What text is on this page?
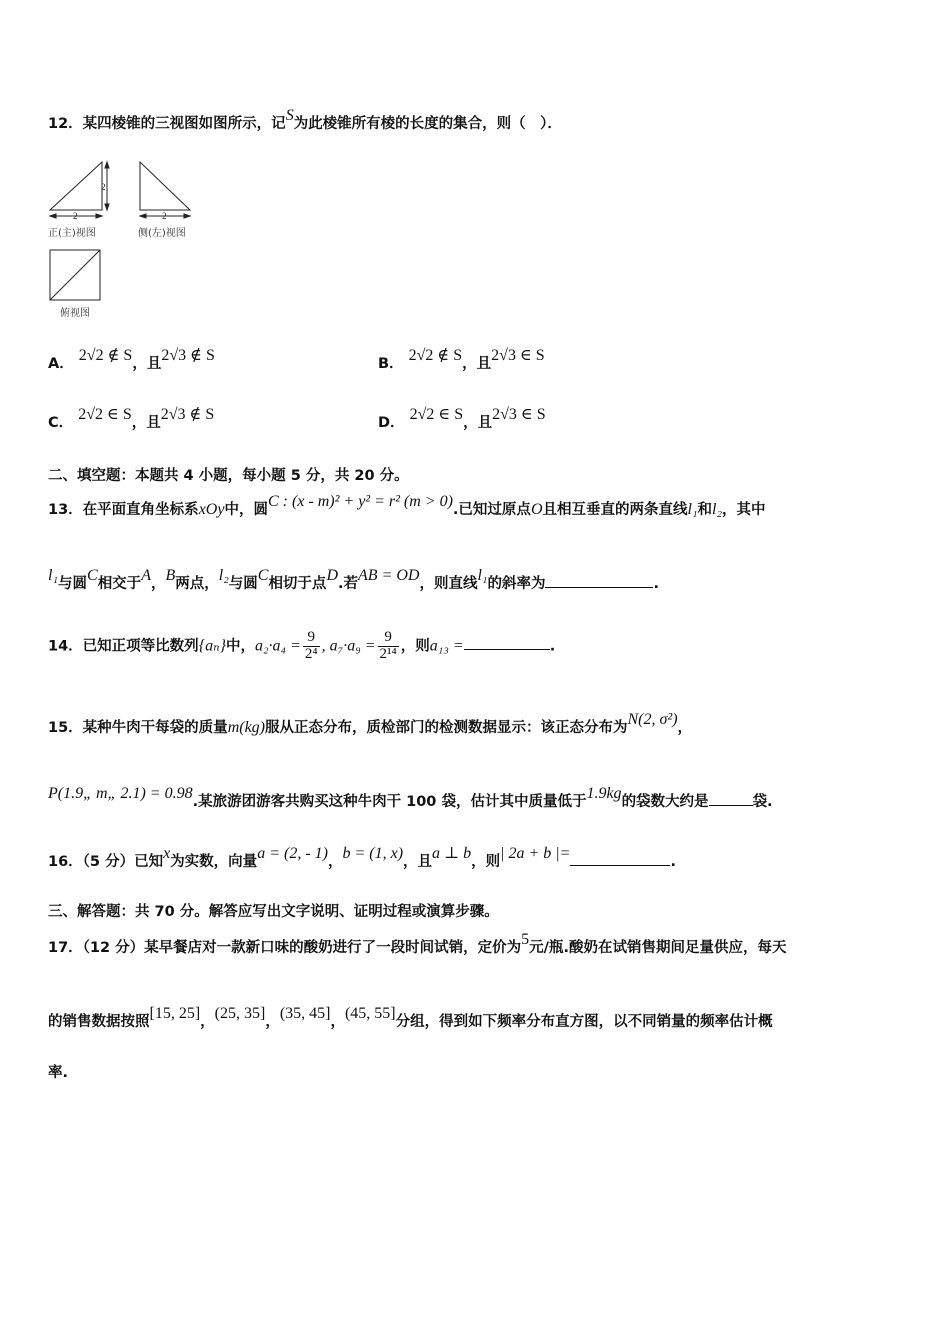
12．某四棱锥的三视图如图所示，记S为此棱锥所有棱的长度的集合，则（　）．
2
2	2
正(主)视图	侧(左)视图
俯视图
A． 2√2 ∉ S，且2√3 ∉ S	B． 2√2 ∉ S，且2√3 ∈ S
C． 2√2 ∈ S，且2√3 ∉ S	D． 2√2 ∈ S，且2√3 ∈ S
二、填空题：本题共 4 小题，每小题 5 分，共 20 分。
13．在平面直角坐标系xOy中，圆C : (x - m)² + y² = r² (m > 0).已知过原点O且相互垂直的两条直线l₁和l₂，其中
l₁与圆C相交于A，B两点，l₂与圆C相切于点D.若AB = OD，则直线l₁的斜率为	.
14．已知正项等比数列{aₙ}中，$a_2\cdot a_4 = \frac{9}{\text{2⁴}}$ , $a_7\cdot a_9 = \frac{9}{\text{2¹⁴}}$ ，则a₁₃ =	.
15．某种牛肉干每袋的质量m(kg)服从正态分布，质检部门的检测数据显示：该正态分布为N(2, σ²)，
P(1.9„ m„ 2.1) = 0.98.某旅游团游客共购买这种牛肉干 100 袋，估计其中质量低于1.9kg的袋数大约是	袋.
16．（5 分）已知x为实数，向量a = (2, - 1)，b = (1, x)，且a ⊥ b，则| 2a + b |=	.
三、解答题：共 70 分。解答应写出文字说明、证明过程或演算步骤。
17．（12 分）某早餐店对一款新口味的酸奶进行了一段时间试销，定价为5元/瓶.酸奶在试销售期间足量供应，每天
的销售数据按照[15, 25]，(25, 35]，(35, 45]，(45, 55]分组，得到如下频率分布直方图，以不同销量的频率估计概
率.
